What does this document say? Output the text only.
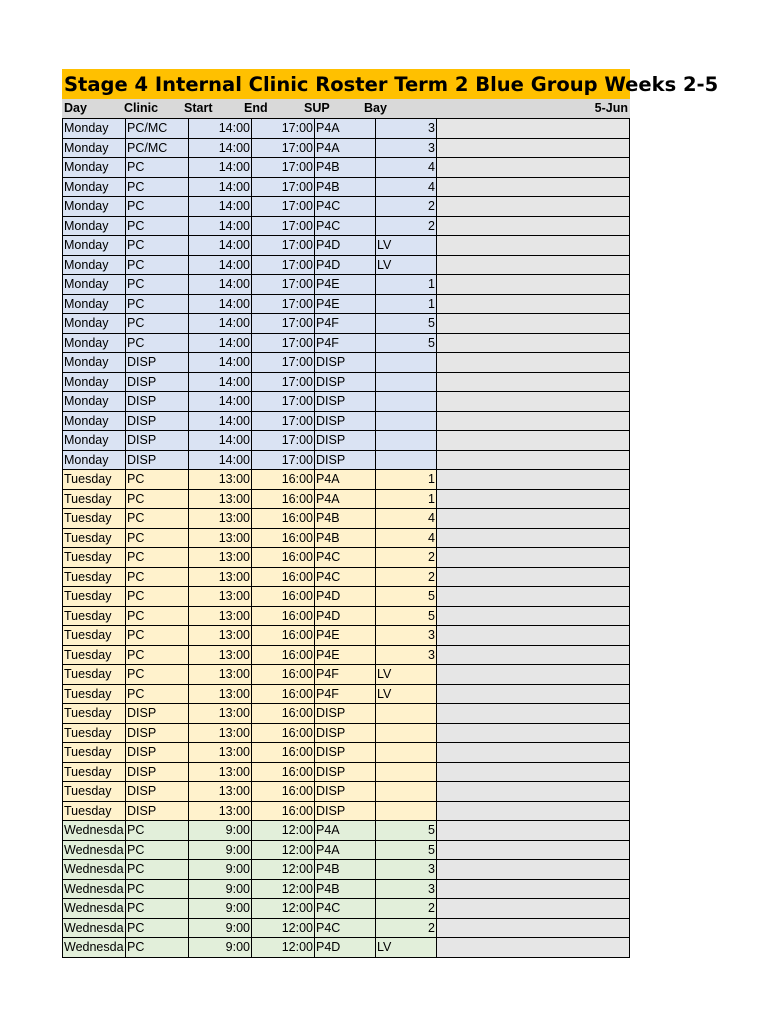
Stage 4 Internal Clinic Roster Term 2 Blue Group Weeks 2-5
Day	Clinic	Start	End	SUP	Bay	5-Jun
Monday	PC/MC	14:00	17:00	P4A	3	
Monday	PC/MC	14:00	17:00	P4A	3	
Monday	PC	14:00	17:00	P4B	4	
Monday	PC	14:00	17:00	P4B	4	
Monday	PC	14:00	17:00	P4C	2	
Monday	PC	14:00	17:00	P4C	2	
Monday	PC	14:00	17:00	P4D	LV	
Monday	PC	14:00	17:00	P4D	LV	
Monday	PC	14:00	17:00	P4E	1	
Monday	PC	14:00	17:00	P4E	1	
Monday	PC	14:00	17:00	P4F	5	
Monday	PC	14:00	17:00	P4F	5	
Monday	DISP	14:00	17:00	DISP		
Monday	DISP	14:00	17:00	DISP		
Monday	DISP	14:00	17:00	DISP		
Monday	DISP	14:00	17:00	DISP		
Monday	DISP	14:00	17:00	DISP		
Monday	DISP	14:00	17:00	DISP		
Tuesday	PC	13:00	16:00	P4A	1	
Tuesday	PC	13:00	16:00	P4A	1	
Tuesday	PC	13:00	16:00	P4B	4	
Tuesday	PC	13:00	16:00	P4B	4	
Tuesday	PC	13:00	16:00	P4C	2	
Tuesday	PC	13:00	16:00	P4C	2	
Tuesday	PC	13:00	16:00	P4D	5	
Tuesday	PC	13:00	16:00	P4D	5	
Tuesday	PC	13:00	16:00	P4E	3	
Tuesday	PC	13:00	16:00	P4E	3	
Tuesday	PC	13:00	16:00	P4F	LV	
Tuesday	PC	13:00	16:00	P4F	LV	
Tuesday	DISP	13:00	16:00	DISP		
Tuesday	DISP	13:00	16:00	DISP		
Tuesday	DISP	13:00	16:00	DISP		
Tuesday	DISP	13:00	16:00	DISP		
Tuesday	DISP	13:00	16:00	DISP		
Tuesday	DISP	13:00	16:00	DISP		
Wednesda	PC	9:00	12:00	P4A	5	
Wednesda	PC	9:00	12:00	P4A	5	
Wednesda	PC	9:00	12:00	P4B	3	
Wednesda	PC	9:00	12:00	P4B	3	
Wednesda	PC	9:00	12:00	P4C	2	
Wednesda	PC	9:00	12:00	P4C	2	
Wednesda	PC	9:00	12:00	P4D	LV	
